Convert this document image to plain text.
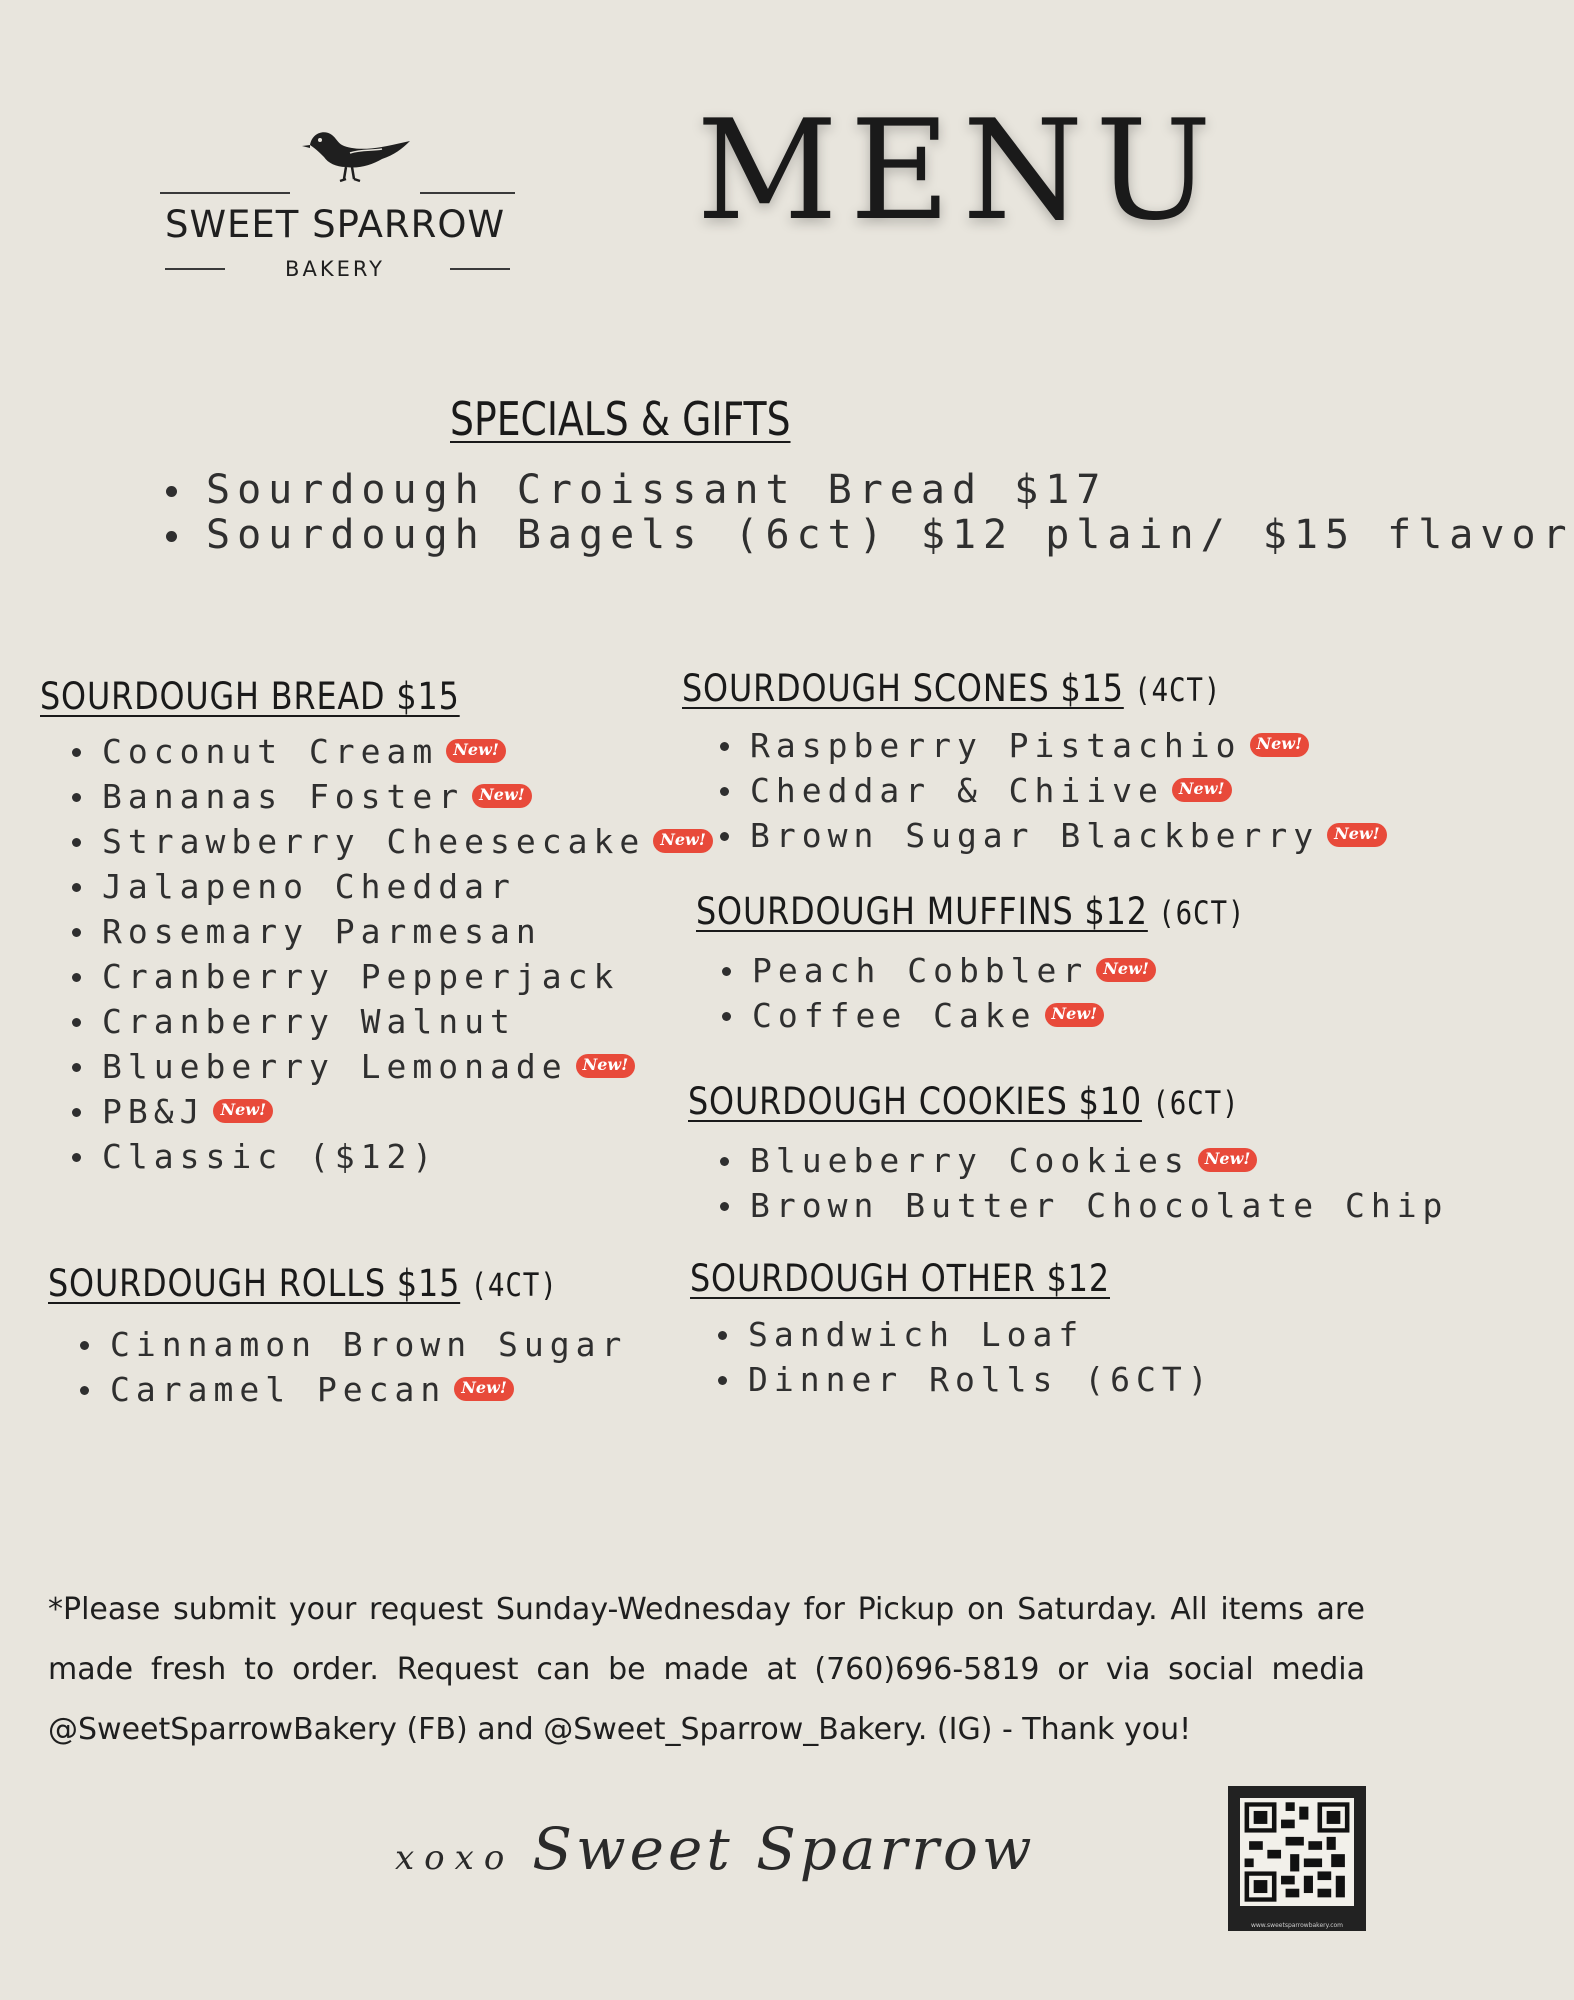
SWEET SPARROW
BAKERY
MENU
SPECIALS & GIFTS
Sourdough Croissant Bread $17
Sourdough Bagels (6ct) $12 plain/ $15 flavor
SOURDOUGH BREAD $15
Coconut Cream New!
Bananas Foster New!
Strawberry Cheesecake New!
Jalapeno Cheddar
Rosemary Parmesan
Cranberry Pepperjack
Cranberry Walnut
Blueberry Lemonade New!
PB&J New!
Classic ($12)
SOURDOUGH ROLLS $15 (4CT)
Cinnamon Brown Sugar
Caramel Pecan New!
SOURDOUGH SCONES $15 (4CT)
Raspberry Pistachio New!
Cheddar & Chiive New!
Brown Sugar Blackberry New!
SOURDOUGH MUFFINS $12 (6CT)
Peach Cobbler New!
Coffee Cake New!
SOURDOUGH COOKIES $10 (6CT)
Blueberry Cookies New!
Brown Butter Chocolate Chip
SOURDOUGH OTHER $12
Sandwich Loaf
Dinner Rolls (6CT)
*Please submit your request Sunday-Wednesday for Pickup on Saturday. All items are made fresh to order. Request can be made at (760)696-5819 or via social media @SweetSparrowBakery (FB) and @Sweet_Sparrow_Bakery. (IG) - Thank you!
xoxo Sweet Sparrow
www.sweetsparrowbakery.com
